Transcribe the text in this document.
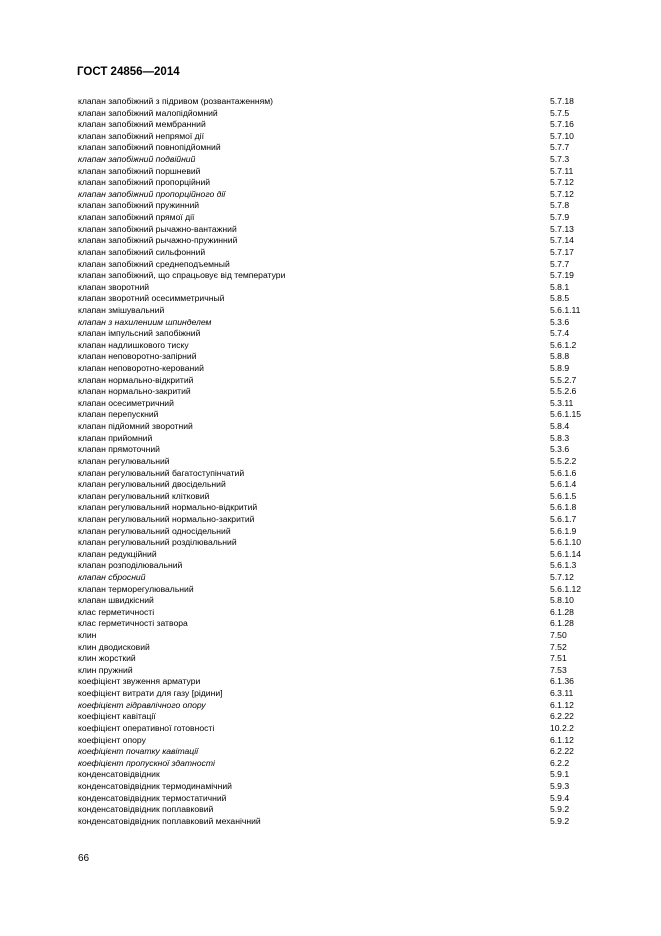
ГОСТ 24856—2014
клапан запобіжний з підривом (розвантаженням)	5.7.18
клапан запобіжний малопідйомний	5.7.5
клапан запобіжний мембранний	5.7.16
клапан запобіжний непрямої дії	5.7.10
клапан запобіжний повнопідйомний	5.7.7
клапан запобіжний подвійний	5.7.3
клапан запобіжний поршневий	5.7.11
клапан запобіжний пропорційний	5.7.12
клапан запобіжний пропорційного дії	5.7.12
клапан запобіжний пружинний	5.7.8
клапан запобіжний прямої дії	5.7.9
клапан запобіжний рычажно-вантажний	5.7.13
клапан запобіжний рычажно-пружинний	5.7.14
клапан запобіжний сильфонний	5.7.17
клапан запобіжний среднеподъемный	5.7.7
клапан запобіжний, що спрацьовує від температури	5.7.19
клапан зворотний	5.8.1
клапан зворотний осесимметричный	5.8.5
клапан змішувальний	5.6.1.11
клапан з нахилениим шпинделем	5.3.6
клапан імпульсний запобіжний	5.7.4
клапан надлишкового тиску	5.6.1.2
клапан неповоротно-запірний	5.8.8
клапан неповоротно-керований	5.8.9
клапан нормально-відкритий	5.5.2.7
клапан нормально-закритий	5.5.2.6
клапан осесиметричний	5.3.11
клапан перепускний	5.6.1.15
клапан підйомний зворотний	5.8.4
клапан прийомний	5.8.3
клапан прямоточний	5.3.6
клапан регулювальний	5.5.2.2
клапан регулювальний багатоступінчатий	5.6.1.6
клапан регулювальний двосідельний	5.6.1.4
клапан регулювальний клітковий	5.6.1.5
клапан регулювальний нормально-відкритий	5.6.1.8
клапан регулювальний нормально-закритий	5.6.1.7
клапан регулювальний односідельний	5.6.1.9
клапан регулювальний розділювальний	5.6.1.10
клапан редукційний	5.6.1.14
клапан розподілювальний	5.6.1.3
клапан сбросний	5.7.12
клапан терморегулювальний	5.6.1.12
клапан швидкісний	5.8.10
клас герметичності	6.1.28
клас герметичності затвора	6.1.28
клин	7.50
клин дводисковий	7.52
клин жорсткий	7.51
клин пружний	7.53
коефіцієнт звуження арматури	6.1.36
коефіцієнт витрати для газу [рідини]	6.3.11
коефіцієнт гідравлічного опору	6.1.12
коефіцієнт кавітації	6.2.22
коефіцієнт оперативної готовності	10.2.2
коефіцієнт опору	6.1.12
коефіцієнт початку кавітації	6.2.22
коефіцієнт пропускної здатності	6.2.2
конденсатовідвідник	5.9.1
конденсатовідвідник термодинамічний	5.9.3
конденсатовідвідник термостатичний	5.9.4
конденсатовідвідник поплавковий	5.9.2
конденсатовідвідник поплавковий механічний	5.9.2
66
